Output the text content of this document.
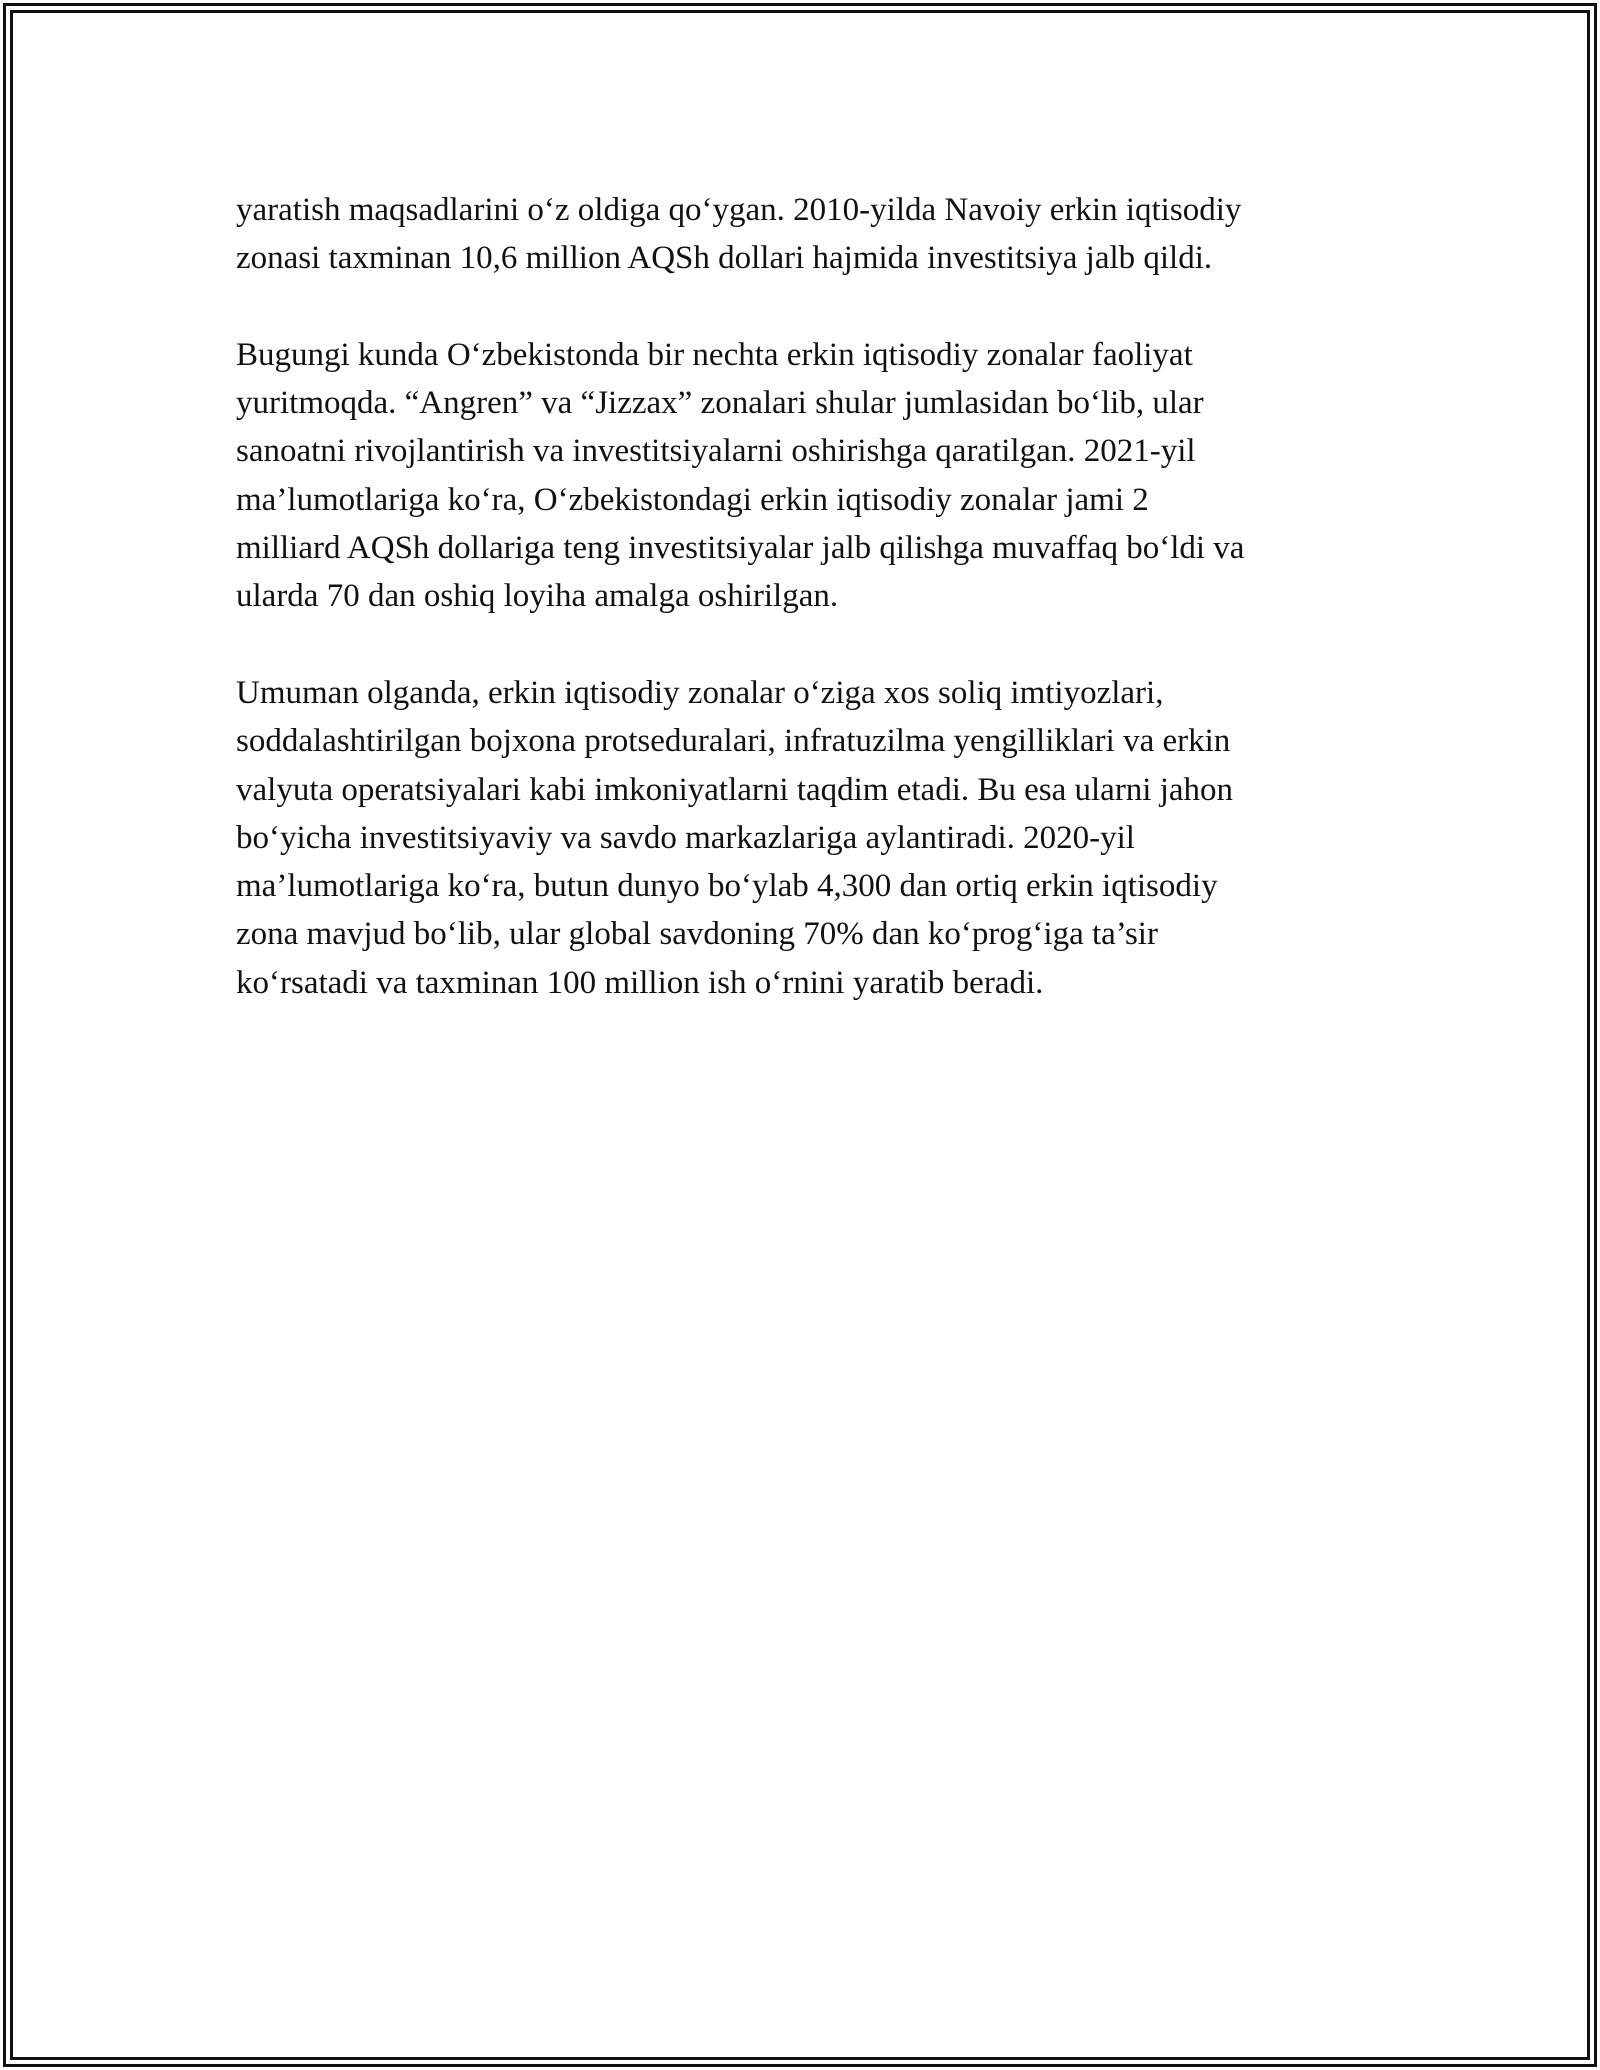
yaratish maqsadlarini o‘z oldiga qo‘ygan. 2010-yilda Navoiy erkin iqtisodiy
zonasi taxminan 10,6 million AQSh dollari hajmida investitsiya jalb qildi.

Bugungi kunda O‘zbekistonda bir nechta erkin iqtisodiy zonalar faoliyat
yuritmoqda. “Angren” va “Jizzax” zonalari shular jumlasidan bo‘lib, ular
sanoatni rivojlantirish va investitsiyalarni oshirishga qaratilgan. 2021-yil
ma’lumotlariga ko‘ra, O‘zbekistondagi erkin iqtisodiy zonalar jami 2
milliard AQSh dollariga teng investitsiyalar jalb qilishga muvaffaq bo‘ldi va
ularda 70 dan oshiq loyiha amalga oshirilgan.

Umuman olganda, erkin iqtisodiy zonalar o‘ziga xos soliq imtiyozlari,
soddalashtirilgan bojxona protseduralari, infratuzilma yengilliklari va erkin
valyuta operatsiyalari kabi imkoniyatlarni taqdim etadi. Bu esa ularni jahon
bo‘yicha investitsiyaviy va savdo markazlariga aylantiradi. 2020-yil
ma’lumotlariga ko‘ra, butun dunyo bo‘ylab 4,300 dan ortiq erkin iqtisodiy
zona mavjud bo‘lib, ular global savdoning 70% dan ko‘prog‘iga ta’sir
ko‘rsatadi va taxminan 100 million ish o‘rnini yaratib beradi.
